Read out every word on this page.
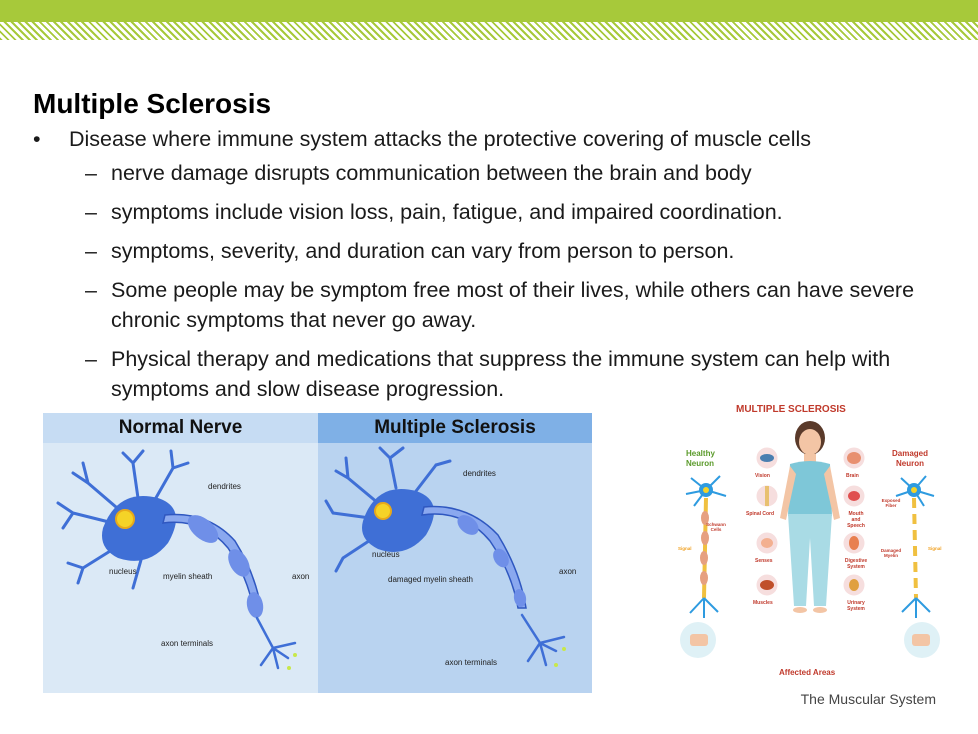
Multiple Sclerosis
• Disease where immune system attacks the protective covering of muscle cells
– nerve damage disrupts communication between the brain and body
– symptoms include vision loss, pain, fatigue, and impaired coordination.
– symptoms, severity, and duration can vary from person to person.
– Some people may be symptom free most of their lives, while others can have severe chronic symptoms that never go away.
– Physical therapy and medications that suppress the immune system can help with symptoms and slow disease progression.
Normal Nerve
dendrites
nucleus
myelin sheath	axon
axon terminals
Multiple Sclerosis
dendrites
nucleus
damaged myelin sheath
axon
axon terminals
MULTIPLE SCLEROSIS
Healthy Neuron
Damaged Neuron
Vision
Spinal Cord
Senses
Muscles
Brain
Mouth and Speech
Digestive System
Urinary System
Schwann Cells
Exposed Fiber
Damaged Myelin
Signal	Signal
Affected Areas
The Muscular System
